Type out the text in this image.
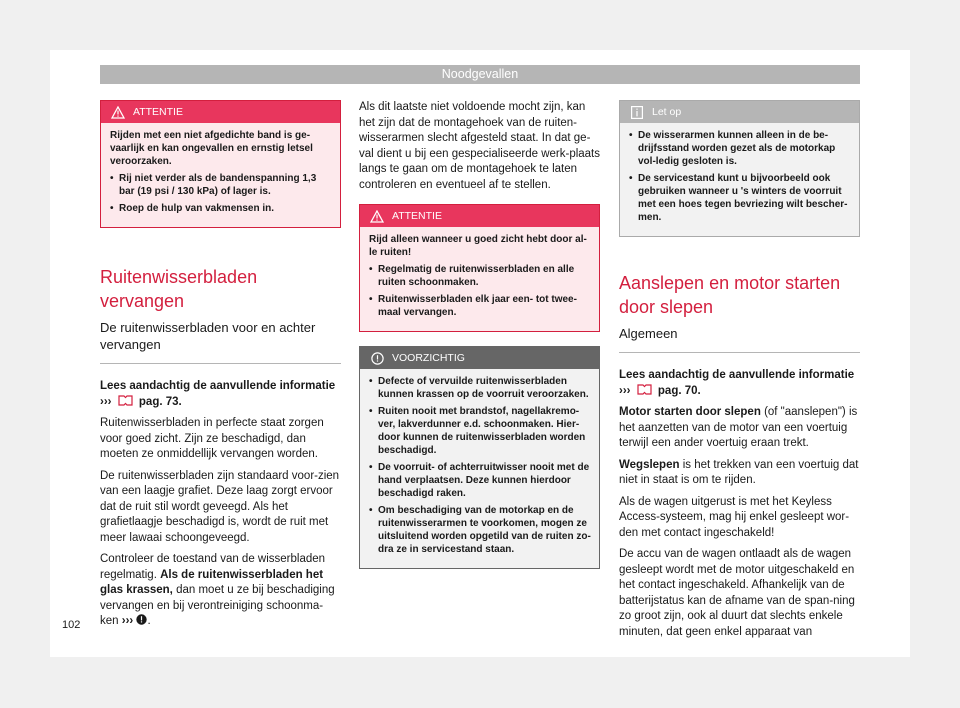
Noodgevallen
ATTENTIE

Rijden met een niet afgedichte band is ge-vaarlijk en kan ongevallen en ernstig letsel veroorzaken.

• Rij niet verder als de bandenspanning 1,3 bar (19 psi / 130 kPa) of lager is.
• Roep de hulp van vakmensen in.
Ruitenwisserbladen vervangen
De ruitenwisserbladen voor en achter vervangen

Lees aandachtig de aanvullende informatie
››› pag. 73.

Ruitenwisserbladen in perfecte staat zorgen voor goed zicht. Zijn ze beschadigd, dan moeten ze onmiddellijk vervangen worden.

De ruitenwisserbladen zijn standaard voor-zien van een laagje grafiet. Deze laag zorgt ervoor dat de ruit stil wordt geveegd. Als het grafietlaagje beschadigd is, wordt de ruit met meer lawaai schoongeveegd.

Controleer de toestand van de wisserbladen regelmatig. Als de ruitenwisserbladen het glas krassen, dan moet u ze bij beschadiging vervangen en bij verontreiniging schoonma-ken ››› .

Als dit laatste niet voldoende mocht zijn, kan het zijn dat de montagehoek van de ruiten-wisserarmen slecht afgesteld staat. In dat ge-val dient u bij een gespecialiseerde werk-plaats langs te gaan om de montagehoek te laten controleren en eventueel af te stellen.

ATTENTIE

Rijd alleen wanneer u goed zicht hebt door al-le ruiten!

• Regelmatig de ruitenwisserbladen en alle ruiten schoonmaken.
• Ruitenwisserbladen elk jaar een- tot twee-maal vervangen.
VOORZICHTIG
• Defecte of vervuilde ruitenwisserbladen kunnen krassen op de voorruit veroorzaken.
• Ruiten nooit met brandstof, nagellakremo-ver, lakverdunner e.d. schoonmaken. Hier-door kunnen de ruitenwisserbladen worden beschadigd.
• De voorruit- of achterruitwisser nooit met de hand verplaatsen. Deze kunnen hierdoor beschadigd raken.
• Om beschadiging van de motorkap en de ruitenwisserarmen te voorkomen, mogen ze uitsluitend worden opgetild van de ruiten zo-dra ze in servicestand staan.
Let op
• De wisserarmen kunnen alleen in de be-drijfsstand worden gezet als de motorkap vol-ledig gesloten is.
• De servicestand kunt u bijvoorbeeld ook gebruiken wanneer u 's winters de voorruit met een hoes tegen bevriezing wilt bescher-men.
Aanslepen en motor starten door slepen
Algemeen

Lees aandachtig de aanvullende informatie
››› pag. 70.

Motor starten door slepen (of "aanslepen") is het aanzetten van de motor van een voertuig terwijl een ander voertuig eraan trekt.

Wegslepen is het trekken van een voertuig dat niet in staat is om te rijden.

Als de wagen uitgerust is met het Keyless Access-systeem, mag hij enkel gesleept wor-den met contact ingeschakeld!

De accu van de wagen ontlaadt als de wagen gesleept wordt met de motor uitgeschakeld en het contact ingeschakeld. Afhankelijk van de batterijstatus kan de afname van de span-ning zo groot zijn, ook al duurt dat slechts enkele minuten, dat geen enkel apparaat van

102
